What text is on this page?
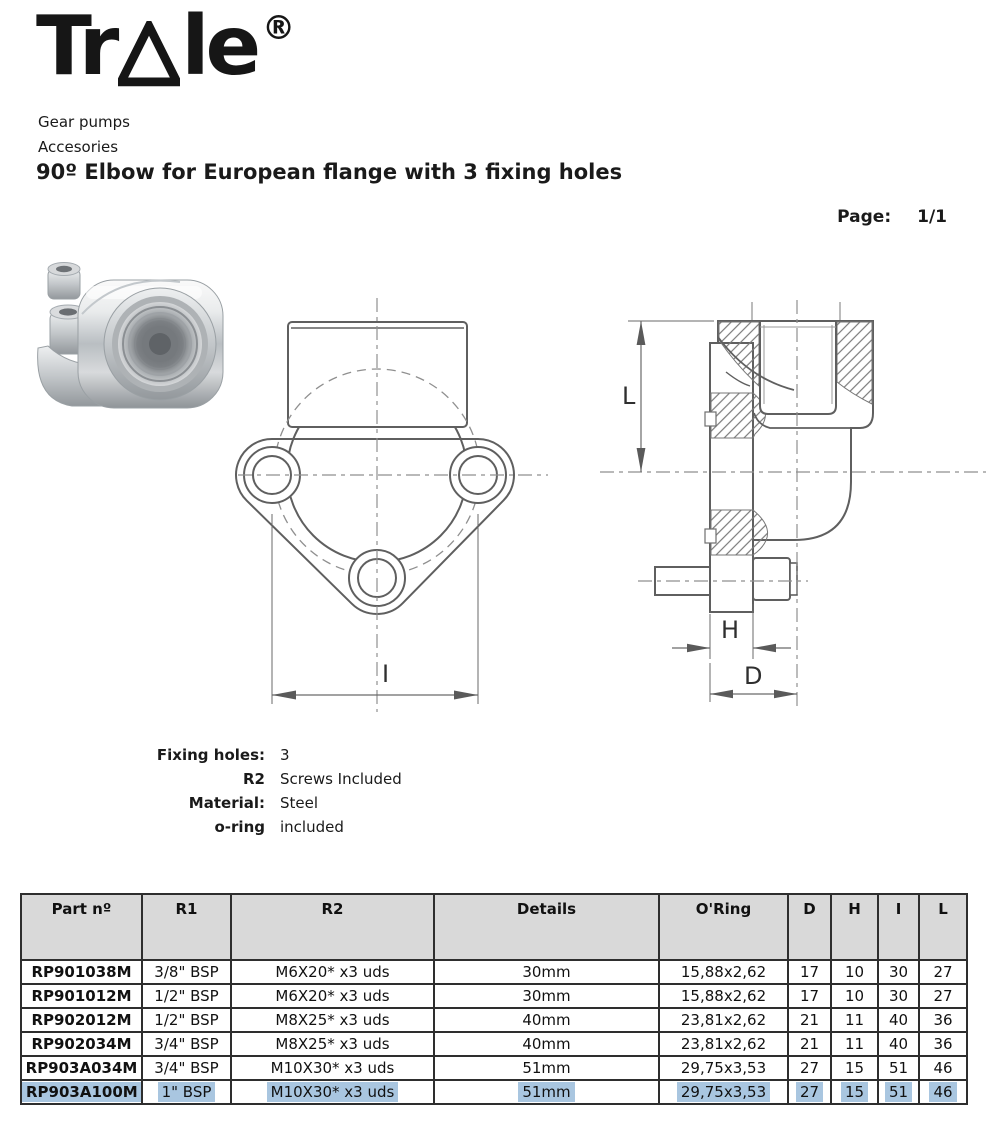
Tr le ®
Gear pumps
Accesories
90º Elbow for European flange with 3 fixing holes
Page: 1/1
I
L
H
D
Fixing holes: 3
R2 Screws Included
Material: Steel
o-ring included
Part nº	R1	R2	Details	O'Ring	D	H	I	L
RP901038M	3/8" BSP	M6X20* x3 uds	30mm	15,88x2,62	17	10	30	27
RP901012M	1/2" BSP	M6X20* x3 uds	30mm	15,88x2,62	17	10	30	27
RP902012M	1/2" BSP	M8X25* x3 uds	40mm	23,81x2,62	21	11	40	36
RP902034M	3/4" BSP	M8X25* x3 uds	40mm	23,81x2,62	21	11	40	36
RP903A034M	3/4" BSP	M10X30* x3 uds	51mm	29,75x3,53	27	15	51	46
RP903A100M	1" BSP	M10X30* x3 uds	51mm	29,75x3,53	27	15	51	46
